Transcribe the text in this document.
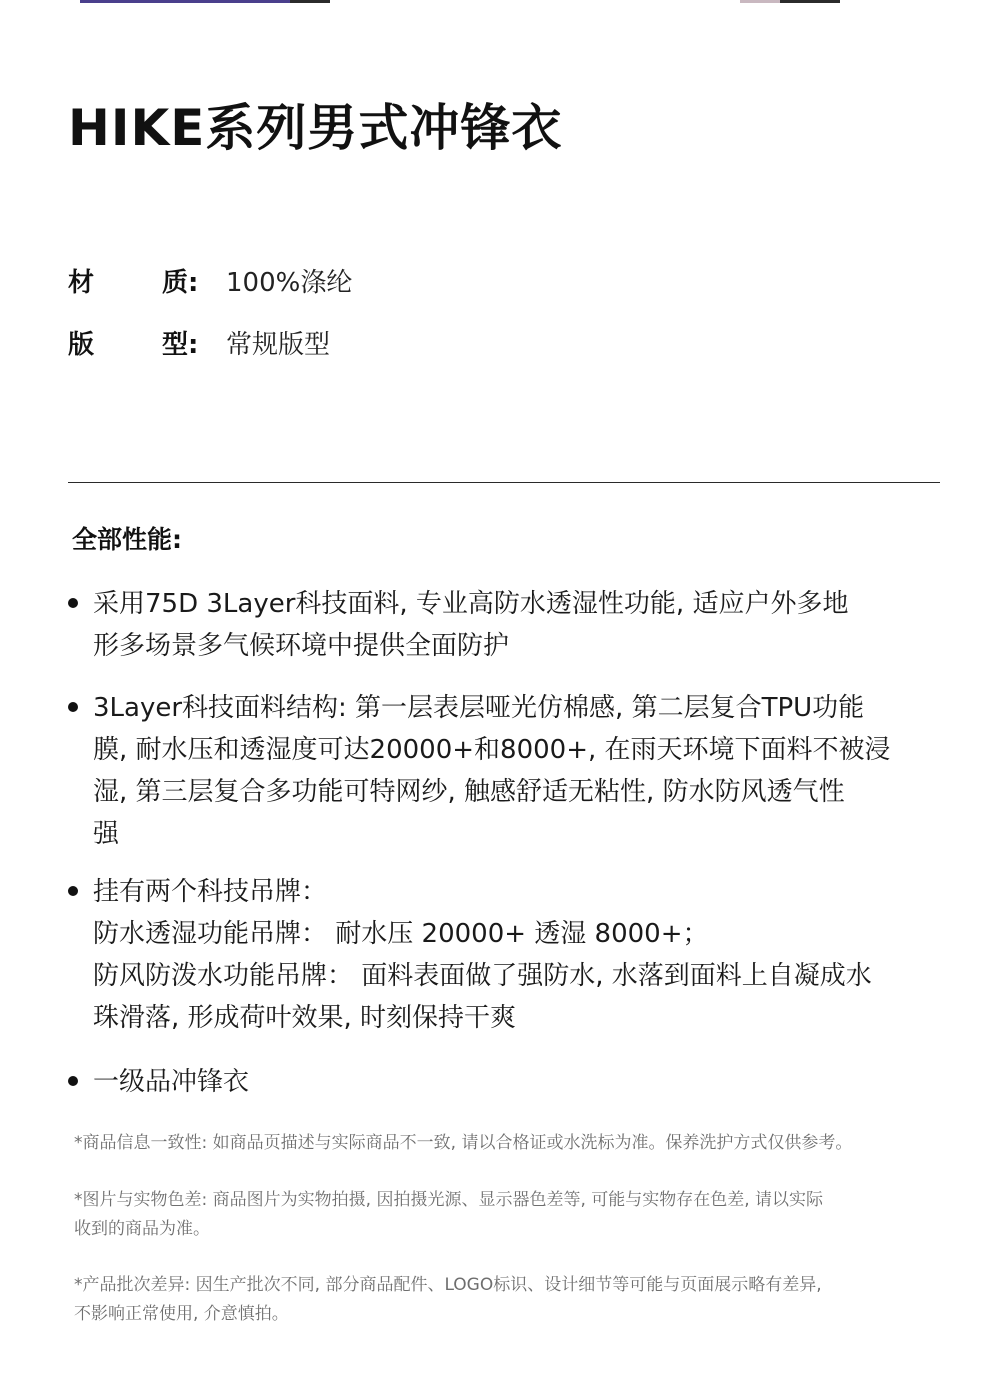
HIKE系列男式冲锋衣
材	质: 100%涤纶
版	型: 常规版型
全部性能:
采用75D 3Layer科技面料, 专业高防水透湿性功能, 适应户外多地
形多场景多气候环境中提供全面防护
3Layer科技面料结构: 第一层表层哑光仿棉感, 第二层复合TPU功能
膜, 耐水压和透湿度可达20000+和8000+, 在雨天环境下面料不被浸
湿, 第三层复合多功能可特网纱, 触感舒适无粘性, 防水防风透气性
强
挂有两个科技吊牌：
防水透湿功能吊牌： 耐水压 20000+ 透湿 8000+；
防风防泼水功能吊牌： 面料表面做了强防水, 水落到面料上自凝成水
珠滑落, 形成荷叶效果, 时刻保持干爽
一级品冲锋衣
*商品信息一致性: 如商品页描述与实际商品不一致, 请以合格证或水洗标为准。保养洗护方式仅供参考。
*图片与实物色差: 商品图片为实物拍摄, 因拍摄光源、显示器色差等, 可能与实物存在色差, 请以实际
收到的商品为准。
*产品批次差异: 因生产批次不同, 部分商品配件、LOGO标识、设计细节等可能与页面展示略有差异,
不影响正常使用, 介意慎拍。
